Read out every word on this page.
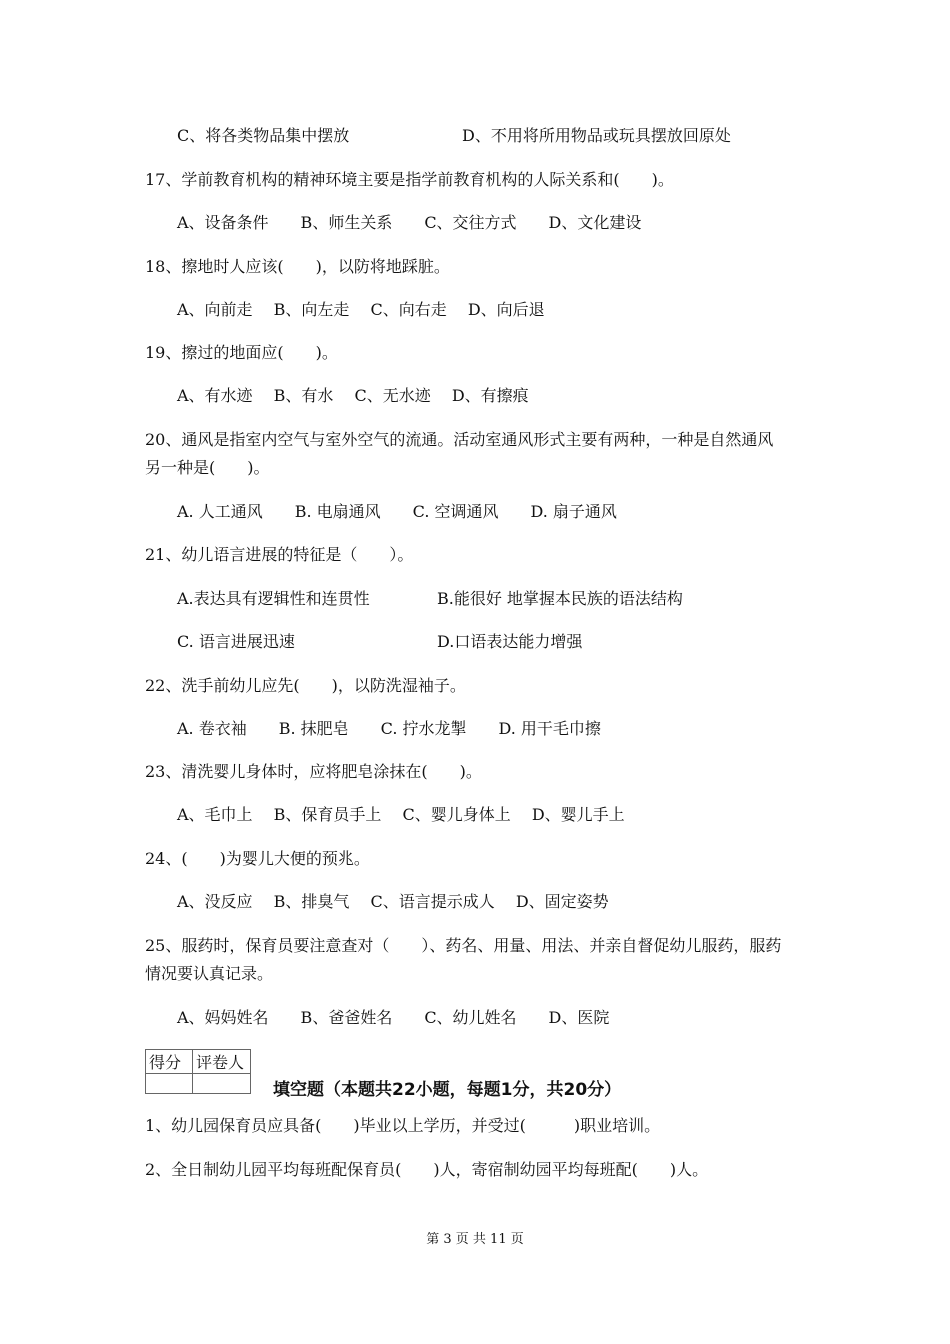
C、将各类物品集中摆放	D、不用将所用物品或玩具摆放回原处
17、学前教育机构的精神环境主要是指学前教育机构的人际关系和(　　)。
A、设备条件　　B、师生关系　　C、交往方式　　D、文化建设
18、擦地时人应该(　　)，以防将地踩脏。
A、向前走　 B、向左走　 C、向右走　 D、向后退
19、擦过的地面应(　　)。
A、有水迹　 B、有水　 C、无水迹　 D、有擦痕
20、通风是指室内空气与室外空气的流通。活动室通风形式主要有两种，一种是自然通风
另一种是(　　)。
A. 人工通风　　B. 电扇通风　　C. 空调通风　　D. 扇子通风
21、幼儿语言进展的特征是（　　）。
A.表达具有逻辑性和连贯性	B.能很好 地掌握本民族的语法结构
C. 语言进展迅速	D.口语表达能力增强
22、洗手前幼儿应先(　　)，以防洗湿袖子。
A. 卷衣袖　　B. 抹肥皂　　C. 拧水龙掣　　D. 用干毛巾擦
23、清洗婴儿身体时，应将肥皂涂抹在(　　)。
A、毛巾上　 B、保育员手上　 C、婴儿身体上　 D、婴儿手上
24、(　　)为婴儿大便的预兆。
A、没反应　 B、排臭气　 C、语言提示成人　 D、固定姿势
25、服药时，保育员要注意查对（　　）、药名、用量、用法、并亲自督促幼儿服药，服药
情况要认真记录。
A、妈妈姓名　　B、爸爸姓名　　C、幼儿姓名　　D、医院
得分	评卷人

填空题（本题共22小题，每题1分，共20分）
1、幼儿园保育员应具备(　　)毕业以上学历，并受过(　　　)职业培训。
2、全日制幼儿园平均每班配保育员(　　)人，寄宿制幼园平均每班配(　　)人。
第 3 页 共 11 页
